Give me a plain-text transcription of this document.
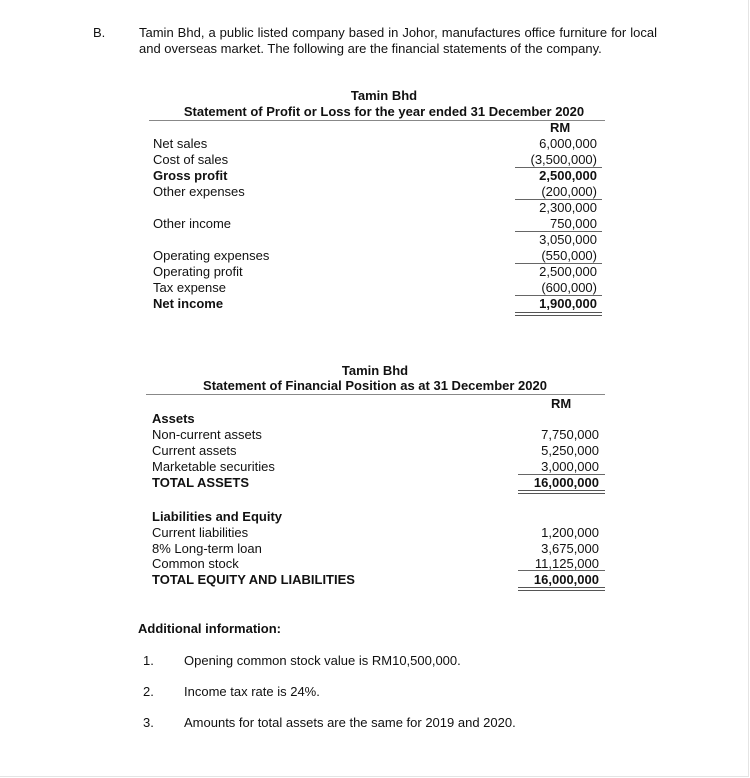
B.	Tamin Bhd, a public listed company based in Johor, manufactures office furniture for local and overseas market. The following are the financial statements of the company.
Tamin Bhd
Statement of Profit or Loss for the year ended 31 December 2020
RM
Net sales	6,000,000
Cost of sales	(3,500,000)
Gross profit	2,500,000
Other expenses	(200,000)
2,300,000
Other income	750,000
3,050,000
Operating expenses	(550,000)
Operating profit	2,500,000
Tax expense	(600,000)
Net income	1,900,000
Tamin Bhd
Statement of Financial Position as at 31 December 2020
RM
Assets
Non-current assets	7,750,000
Current assets	5,250,000
Marketable securities	3,000,000
TOTAL ASSETS	16,000,000
Liabilities and Equity
Current liabilities	1,200,000
8% Long-term loan	3,675,000
Common stock	11,125,000
TOTAL EQUITY AND LIABILITIES	16,000,000
Additional information:
1. Opening common stock value is RM10,500,000.
2. Income tax rate is 24%.
3. Amounts for total assets are the same for 2019 and 2020.
